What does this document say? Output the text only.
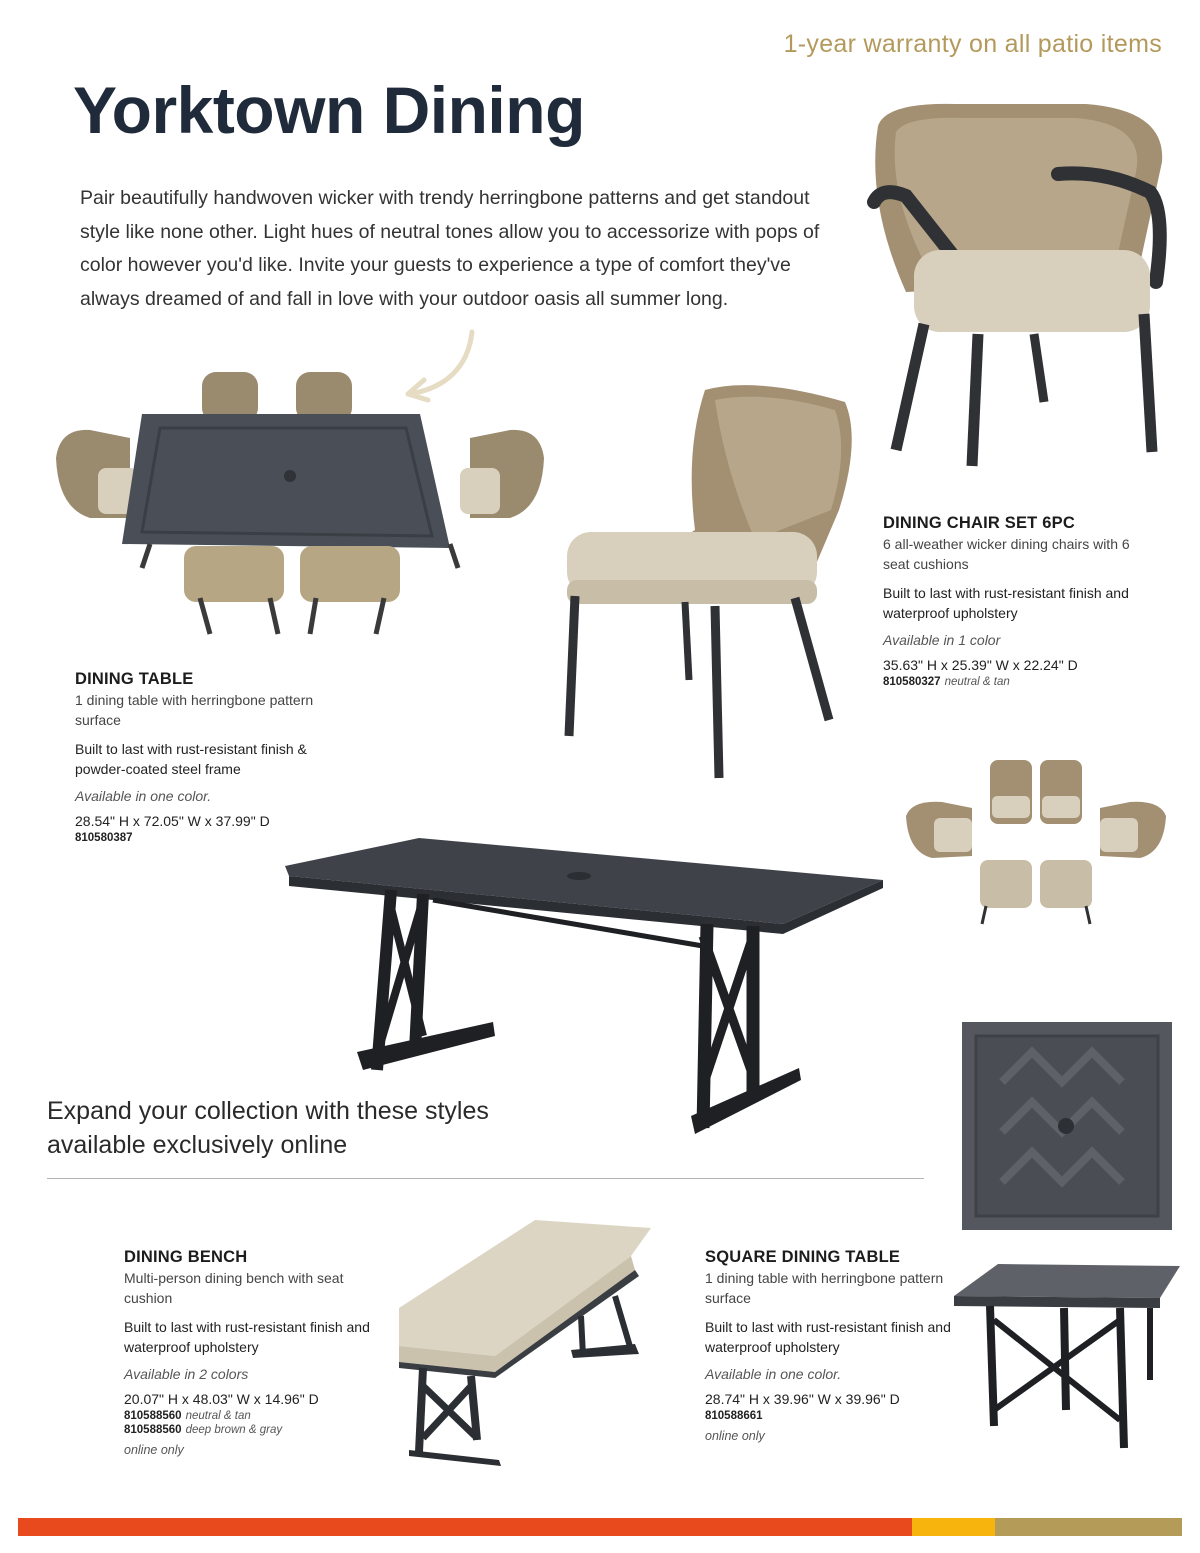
1-year warranty on all patio items
Yorktown Dining
Pair beautifully handwoven wicker with trendy herringbone patterns and get standout style like none other. Light hues of neutral tones allow you to accessorize with pops of color however you'd like. Invite your guests to experience a type of comfort they've always dreamed of and fall in love with your outdoor oasis all summer long.
DINING TABLE
1 dining table with herringbone pattern surface
Built to last with rust-resistant finish & powder-coated steel frame
Available in one color.
28.54" H x 72.05" W x 37.99" D
810580387
DINING CHAIR SET 6PC
6 all-weather wicker dining chairs with 6 seat cushions
Built to last with rust-resistant finish and waterproof upholstery
Available in 1 color
35.63" H x 25.39" W x 22.24" D
810580327 neutral & tan
Expand your collection with these styles
available exclusively online
DINING BENCH
Multi-person dining bench with seat cushion
Built to last with rust-resistant finish and waterproof upholstery
Available in 2 colors
20.07" H x 48.03" W x 14.96" D
810588560 neutral & tan
810588560 deep brown & gray
online only
SQUARE DINING TABLE
1 dining table with herringbone pattern surface
Built to last with rust-resistant finish and waterproof upholstery
Available in one color.
28.74" H x 39.96" W x 39.96" D
810588661
online only
